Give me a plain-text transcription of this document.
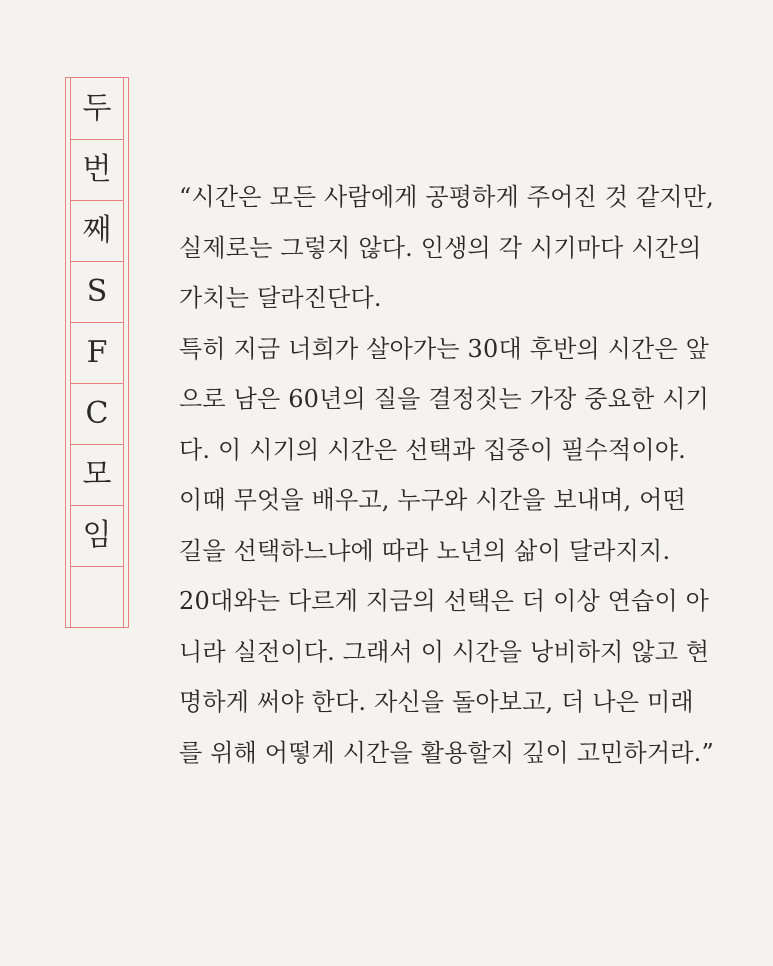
두
번
째
S
F
C
모
임
“시간은 모든 사람에게 공평하게 주어진 것 같지만,
실제로는 그렇지 않다. 인생의 각 시기마다 시간의
가치는 달라진단다.
특히 지금 너희가 살아가는 30대 후반의 시간은 앞
으로 남은 60년의 질을 결정짓는 가장 중요한 시기
다. 이 시기의 시간은 선택과 집중이 필수적이야.
이때 무엇을 배우고, 누구와 시간을 보내며, 어떤
길을 선택하느냐에 따라 노년의 삶이 달라지지.
20대와는 다르게 지금의 선택은 더 이상 연습이 아
니라 실전이다. 그래서 이 시간을 낭비하지 않고 현
명하게 써야 한다. 자신을 돌아보고, 더 나은 미래
를 위해 어떻게 시간을 활용할지 깊이 고민하거라.”
